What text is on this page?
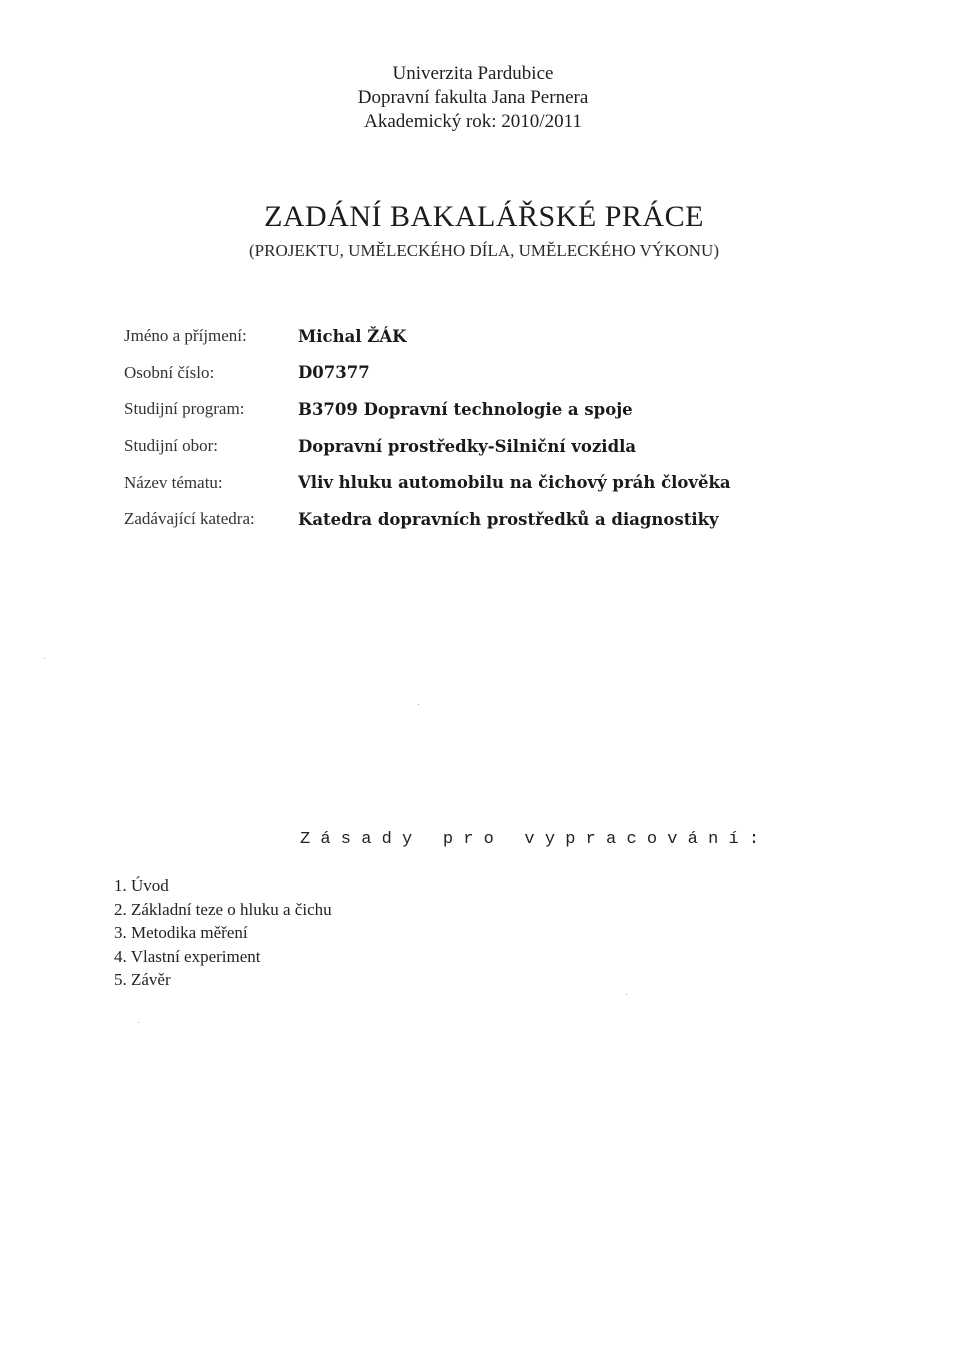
Univerzita Pardubice
Dopravní fakulta Jana Pernera
Akademický rok: 2010/2011
ZADÁNÍ BAKALÁŘSKÉ PRÁCE
(PROJEKTU, UMĚLECKÉHO DÍLA, UMĚLECKÉHO VÝKONU)
Jméno a příjmení:	Michal ŽÁK
Osobní číslo:	D07377
Studijní program:	B3709 Dopravní technologie a spoje
Studijní obor:	Dopravní prostředky-Silniční vozidla
Název tématu:	Vliv hluku automobilu na čichový práh člověka
Zadávající katedra:	Katedra dopravních prostředků a diagnostiky
Z á s a d y   p r o   v y p r a c o v á n í :
1. Úvod
2. Základní teze o hluku a čichu
3. Metodika měření
4. Vlastní experiment
5. Závěr
